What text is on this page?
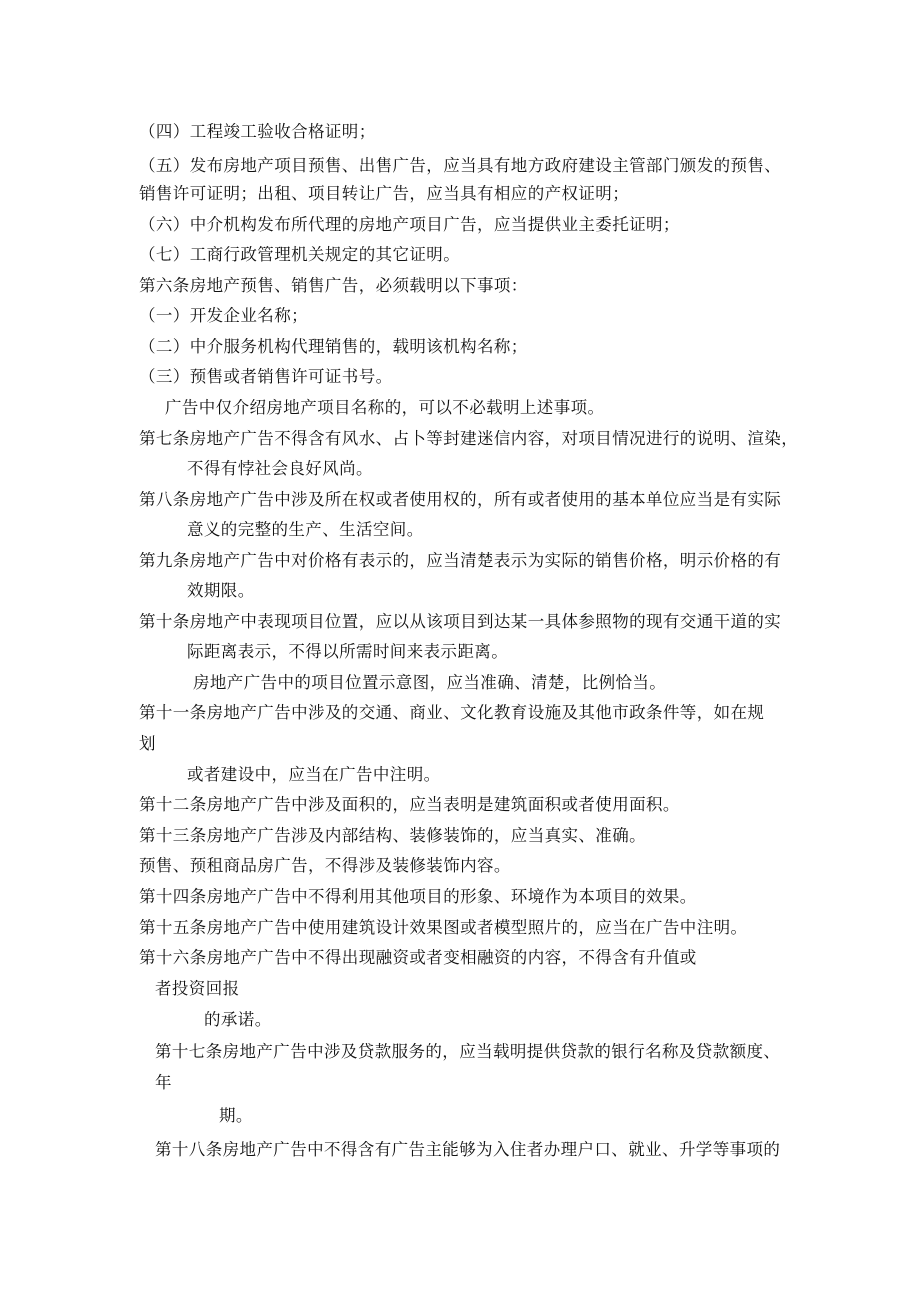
（四）工程竣工验收合格证明；
（五）发布房地产项目预售、出售广告，应当具有地方政府建设主管部门颁发的预售、
销售许可证明；出租、项目转让广告，应当具有相应的产权证明；
（六）中介机构发布所代理的房地产项目广告，应当提供业主委托证明；
（七）工商行政管理机关规定的其它证明。
第六条房地产预售、销售广告，必须载明以下事项：
（一）开发企业名称；
（二）中介服务机构代理销售的，载明该机构名称；
（三）预售或者销售许可证书号。
广告中仅介绍房地产项目名称的，可以不必载明上述事项。
第七条房地产广告不得含有风水、占卜等封建迷信内容，对项目情况进行的说明、渲染，
不得有悖社会良好风尚。
第八条房地产广告中涉及所在权或者使用权的，所有或者使用的基本单位应当是有实际
意义的完整的生产、生活空间。
第九条房地产广告中对价格有表示的，应当清楚表示为实际的销售价格，明示价格的有
效期限。
第十条房地产中表现项目位置，应以从该项目到达某一具体参照物的现有交通干道的实
际距离表示，不得以所需时间来表示距离。
房地产广告中的项目位置示意图，应当准确、清楚，比例恰当。
第十一条房地产广告中涉及的交通、商业、文化教育设施及其他市政条件等，如在规
划
或者建设中，应当在广告中注明。
第十二条房地产广告中涉及面积的，应当表明是建筑面积或者使用面积。
第十三条房地产广告涉及内部结构、装修装饰的，应当真实、准确。
预售、预租商品房广告，不得涉及装修装饰内容。
第十四条房地产广告中不得利用其他项目的形象、环境作为本项目的效果。
第十五条房地产广告中使用建筑设计效果图或者模型照片的，应当在广告中注明。
第十六条房地产广告中不得出现融资或者变相融资的内容，不得含有升值或
者投资回报
的承诺。
第十七条房地产广告中涉及贷款服务的，应当载明提供贷款的银行名称及贷款额度、
年
期。
第十八条房地产广告中不得含有广告主能够为入住者办理户口、就业、升学等事项的
